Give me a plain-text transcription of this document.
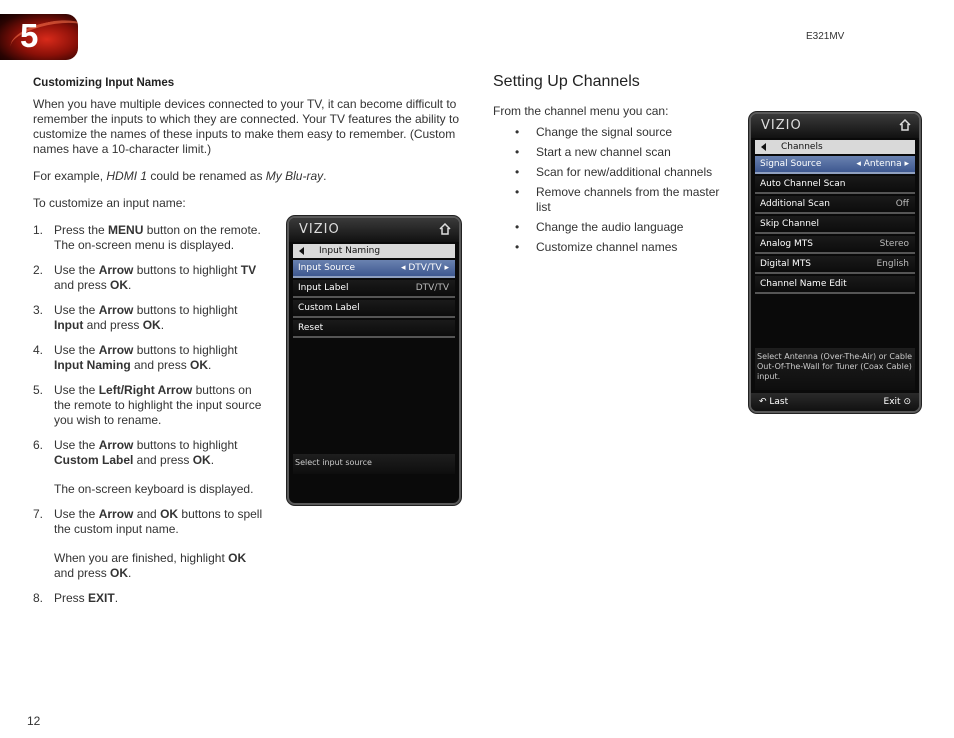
5	E321MV
Customizing Input Names

When you have multiple devices connected to your TV, it can become difficult to remember the inputs to which they are connected. Your TV features the ability to customize the names of these inputs to make them easy to remember. (Custom names have a 10-character limit.)

For example, HDMI 1 could be renamed as My Blu-ray.

To customize an input name:

1. Press the MENU button on the remote. The on-screen menu is displayed.
2. Use the Arrow buttons to highlight TV and press OK.
3. Use the Arrow buttons to highlight Input and press OK.
4. Use the Arrow buttons to highlight Input Naming and press OK.
5. Use the Left/Right Arrow buttons on the remote to highlight the input source you wish to rename.
6. Use the Arrow buttons to highlight Custom Label and press OK.
The on-screen keyboard is displayed.
7. Use the Arrow and OK buttons to spell the custom input name.
When you are finished, highlight OK and press OK.
8. Press EXIT.
VIZIO
Input Naming
Input Source	◂ DTV/TV ▸
Input Label	DTV/TV
Custom Label
Reset
Select input source
Setting Up Channels

From the channel menu you can:

• Change the signal source
• Start a new channel scan
• Scan for new/additional channels
• Remove channels from the master list
• Change the audio language
• Customize channel names
VIZIO
Channels
Signal Source	◂ Antenna ▸
Auto Channel Scan
Additional Scan	Off
Skip Channel
Analog MTS	Stereo
Digital MTS	English
Channel Name Edit
Select Antenna (Over-The-Air) or Cable Out-Of-The-Wall for Tuner (Coax Cable) input.
↶ Last	Exit ⊙
12
